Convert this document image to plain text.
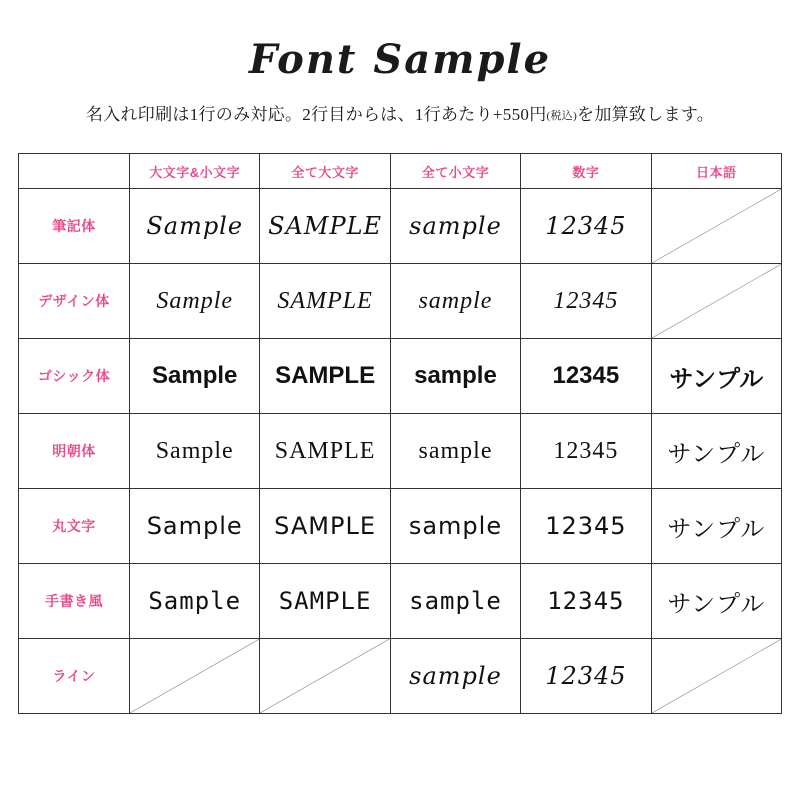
Font Sample

名入れ印刷は1行のみ対応。2行目からは、1行あたり+550円(税込)を加算致します。

	大文字&小文字	全て大文字	全て小文字	数字	日本語
筆記体	Sample	SAMPLE	sample	12345	

デザイン体	Sample	SAMPLE	sample	12345	

ゴシック体	Sample	SAMPLE	sample	12345	サンプル
明朝体	Sample	SAMPLE	sample	12345	サンプル
丸文字	Sample	SAMPLE	sample	12345	サンプル
手書き風	Sample	SAMPLE	sample	12345	サンプル
ライン			sample	12345	
